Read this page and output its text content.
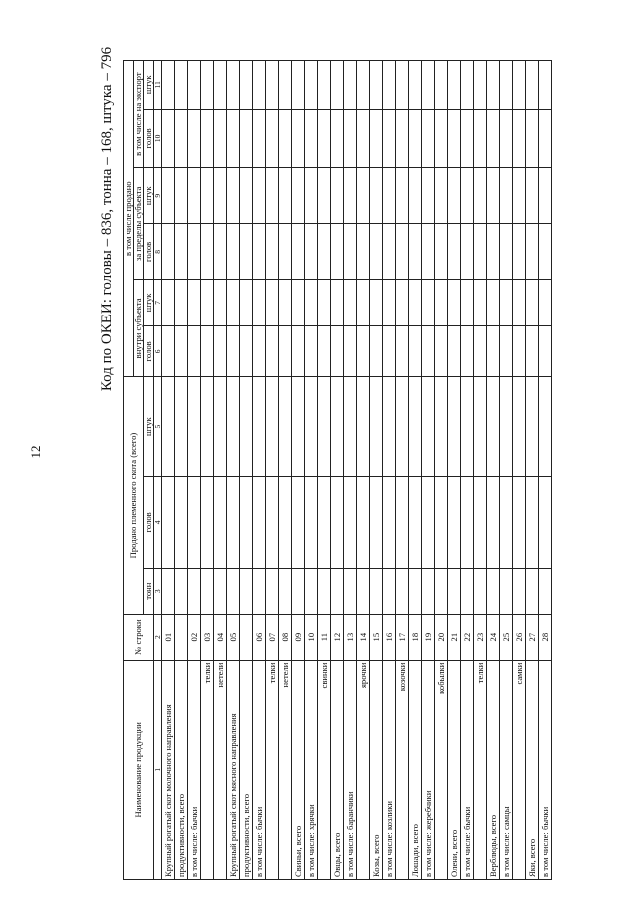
12
Код по ОКЕИ: головы – 836, тонна – 168, штука – 796
Наименование продукции	№ строки	Продано племенного скота (всего)			в том числе продано					
					внутри субъекта		за пределы субъекта		в том числе на экспорт	
		тонн	голов	штук	голов	штук	голов	штук	голов	штук
1	2	3	4	5	6	7	8	9	10	11
Крупный рогатый скот молочного направления	01									
продуктивности, всего										
в том числе: бычки	02									
телки	03									
нетели	04									
Крупный рогатый скот мясного направления	05									
продуктивности, всего										
в том числе: бычки	06									
телки	07									
нетели	08									
Свиньи, всего	09									
в том числе: хрячки	10									
свинки	11									
Овцы, всего	12									
в том числе: баранчики	13									
ярочки	14									
Козы, всего	15									
в том числе: козлики	16									
козочки	17									
Лошади, всего	18									
в том числе: жеребчики	19									
кобылки	20									
Олени, всего	21									
в том числе: бычки	22									
телки	23									
Верблюды, всего	24									
в том числе: самцы	25									
самки	26									
Яки, всего	27									
в том числе: бычки	28									
